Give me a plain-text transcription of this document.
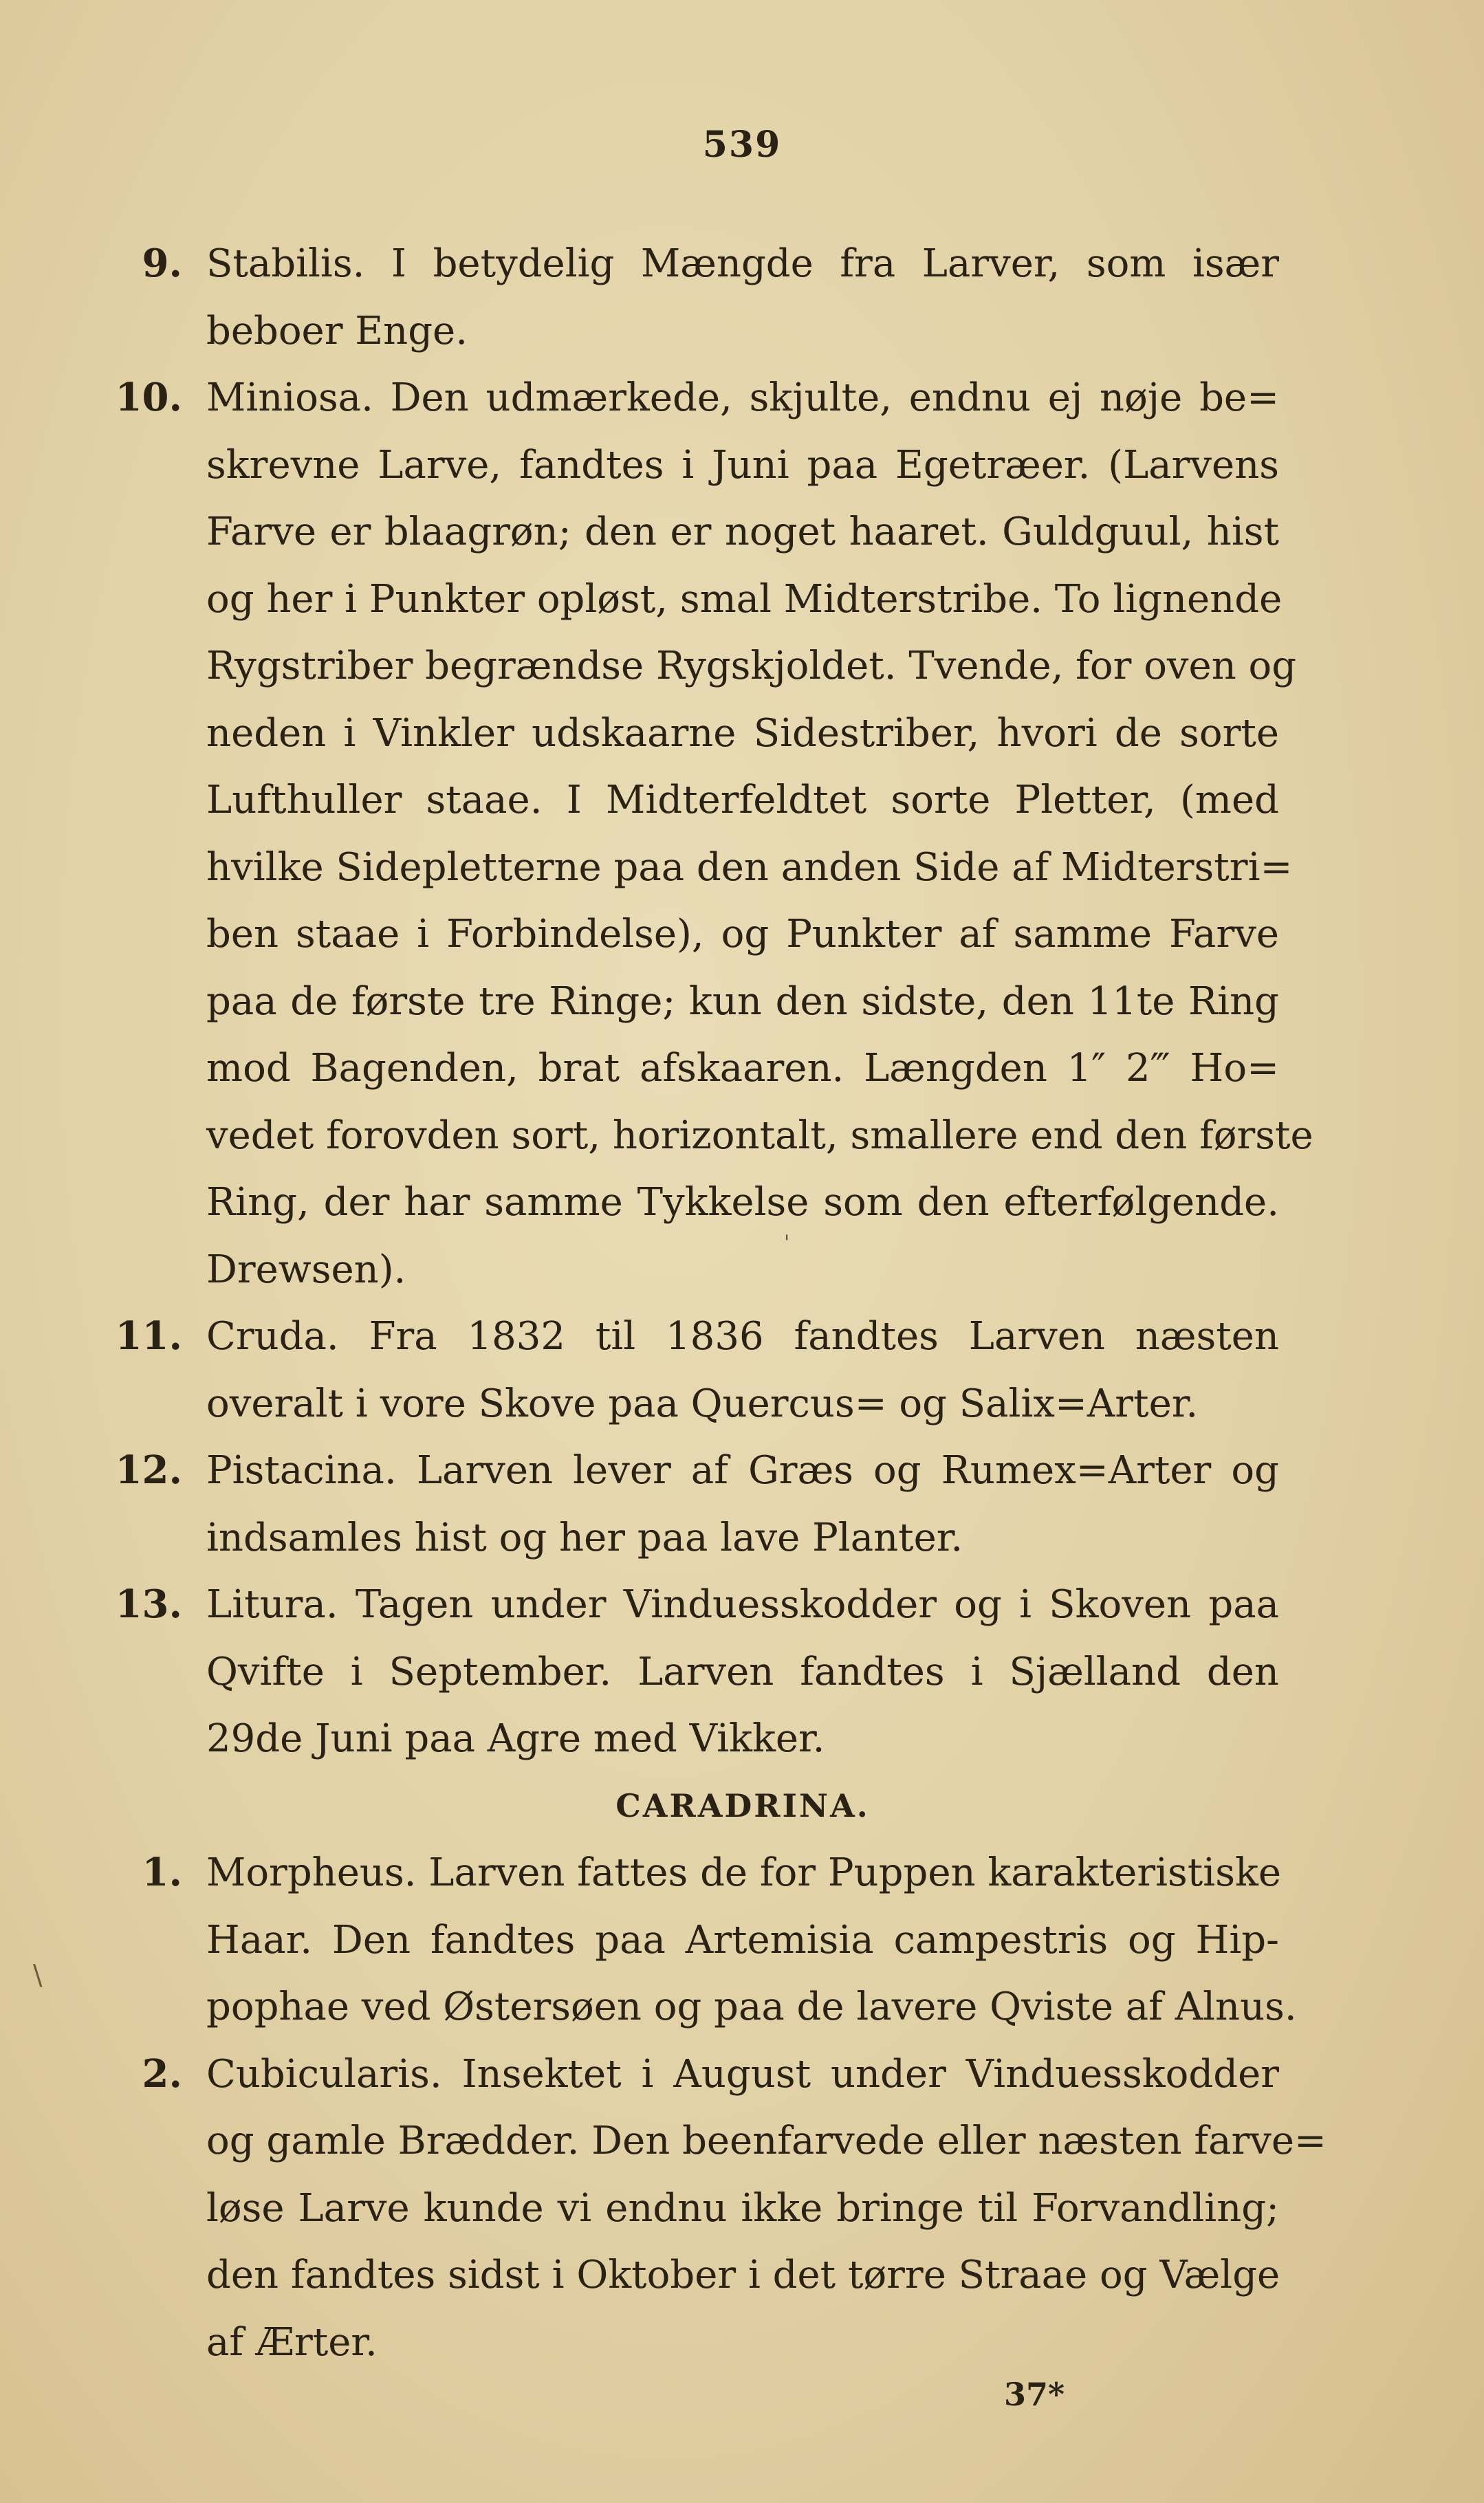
539
9. Stabilis. I betydelig Mængde fra Larver, som især
beboer Enge.
10. Miniosa. Den udmærkede, skjulte, endnu ej nøje be=
skrevne Larve, fandtes i Juni paa Egetræer. (Larvens
Farve er blaagrøn; den er noget haaret. Guldguul, hist
og her i Punkter opløst, smal Midterstribe. To lignende
Rygstriber begrændse Rygskjoldet. Tvende, for oven og
neden i Vinkler udskaarne Sidestriber, hvori de sorte
Lufthuller staae. I Midterfeldtet sorte Pletter, (med
hvilke Sidepletterne paa den anden Side af Midterstri=
ben staae i Forbindelse), og Punkter af samme Farve
paa de første tre Ringe; kun den sidste, den 11te Ring
mod Bagenden, brat afskaaren. Længden 1″ 2‴ Ho=
vedet forovden sort, horizontalt, smallere end den første
Ring, der har samme Tykkelse som den efterfølgende.
Drewsen).
11. Cruda. Fra 1832 til 1836 fandtes Larven næsten
overalt i vore Skove paa Quercus= og Salix=Arter.
12. Pistacina. Larven lever af Græs og Rumex=Arter og
indsamles hist og her paa lave Planter.
13. Litura. Tagen under Vinduesskodder og i Skoven paa
Qvifte i September. Larven fandtes i Sjælland den
29de Juni paa Agre med Vikker.
CARADRINA.
1. Morpheus. Larven fattes de for Puppen karakteristiske
Haar. Den fandtes paa Artemisia campestris og Hip-
pophae ved Østersøen og paa de lavere Qviste af Alnus.
2. Cubicularis. Insektet i August under Vinduesskodder
og gamle Brædder. Den beenfarvede eller næsten farve=
løse Larve kunde vi endnu ikke bringe til Forvandling;
den fandtes sidst i Oktober i det tørre Straae og Vælge
af Ærter.
37*
\
'
